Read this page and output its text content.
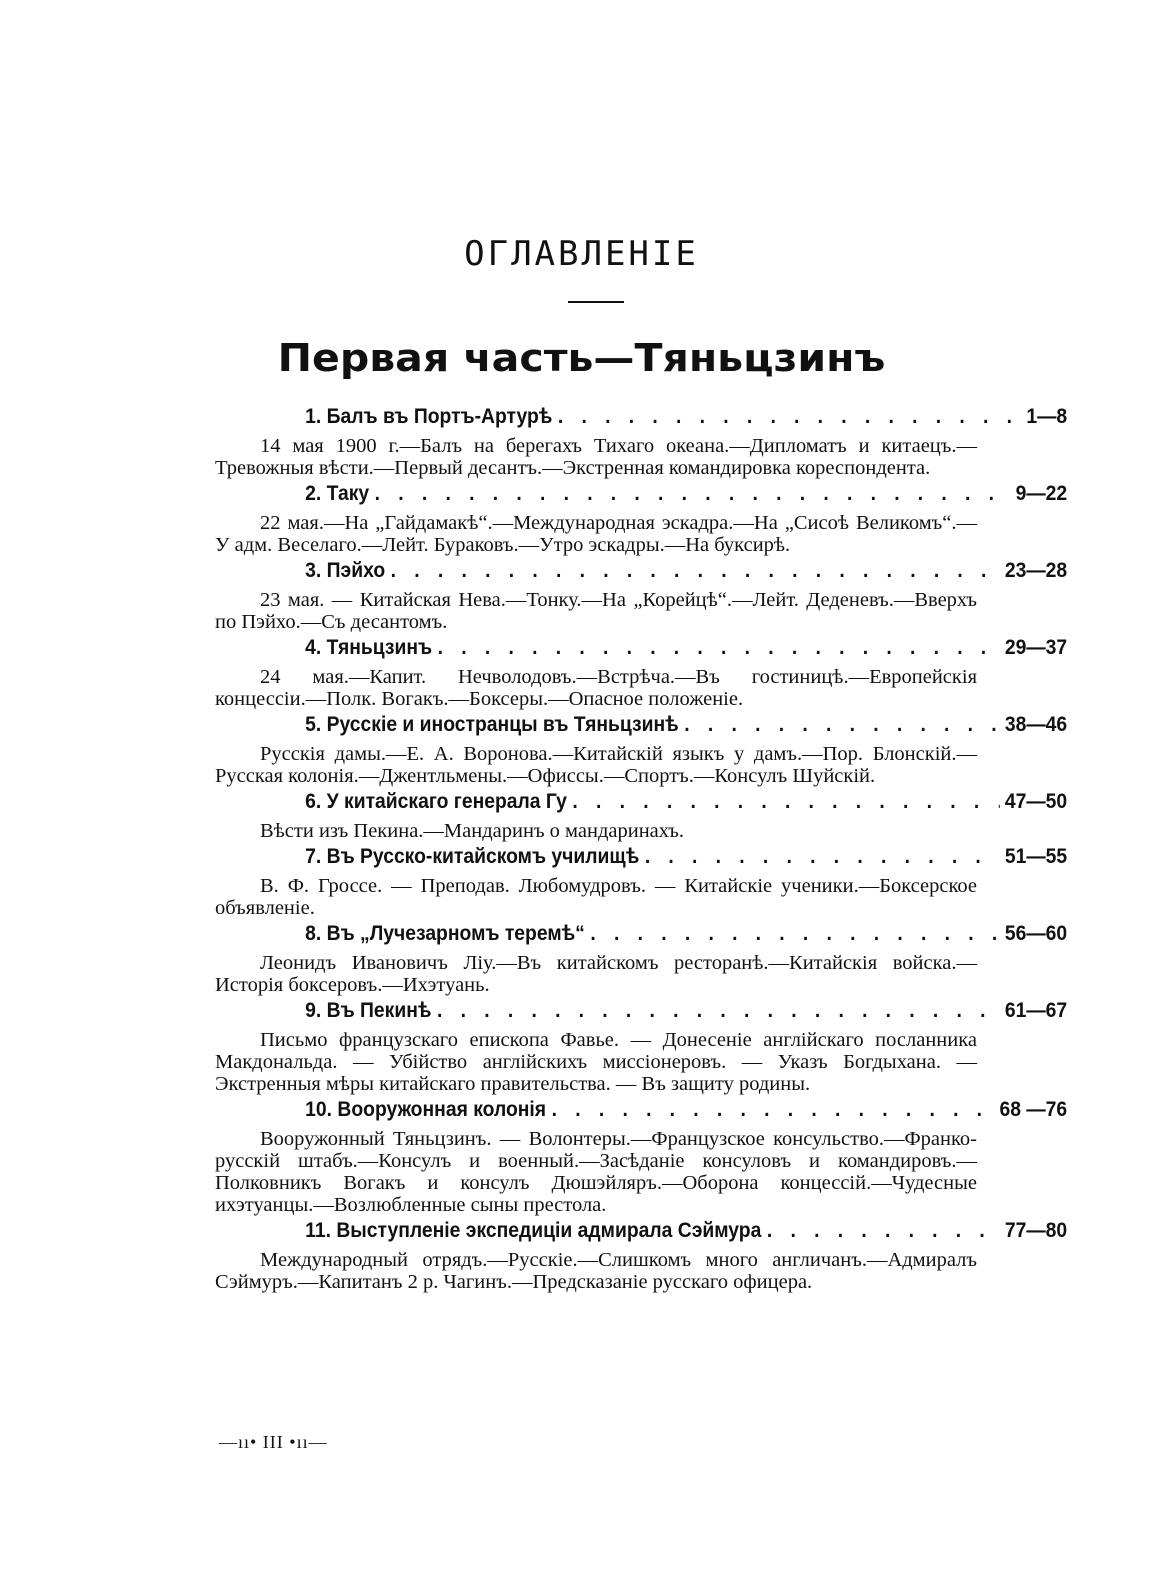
ОГЛАВЛЕНІЕ
Первая часть—Тяньцзинъ
1. Балъ въ Портъ-Артурѣ . . .	1—8

14 мая 1900 г.—Балъ на берегахъ Тихаго океана.—Дипломатъ и китаецъ.—Тревожныя вѣсти.—Первый десантъ.—Экстренная командировка кореспондента.

2. Таку . . .	9—22

22 мая.—На „Гайдамакѣ“.—Международная эскадра.—На „Сисоѣ Великомъ“.—У адм. Веселаго.—Лейт. Бураковъ.—Утро эскадры.—На буксирѣ.

3. Пэйхо . . .	23—28

23 мая. — Китайская Нева.—Тонку.—На „Корейцѣ“.—Лейт. Деденевъ.—Вверхъ по Пэйхо.—Съ десантомъ.

4. Тяньцзинъ . . .	29—37

24 мая.—Капит. Нечволодовъ.—Встрѣча.—Въ гостиницѣ.—Европейскія концессіи.—Полк. Вогакъ.—Боксеры.—Опасное положеніе.

5. Русскіе и иностранцы въ Тяньцзинѣ . . .	38—46

Русскія дамы.—Е. А. Воронова.—Китайскій языкъ у дамъ.—Пор. Блонскій.—Русская колонія.—Джентльмены.—Офиссы.—Спортъ.—Консулъ Шуйскій.

6. У китайскаго генерала Гу . . .	47—50

Вѣсти изъ Пекина.—Мандаринъ о мандаринахъ.

7. Въ Русско-китайскомъ училищѣ . . .	51—55

В. Ф. Гроссе. — Преподав. Любомудровъ. — Китайскіе ученики.—Боксерское объявленіе.

8. Въ „Лучезарномъ теремѣ“ . . .	56—60

Леонидъ Ивановичъ Ліу.—Въ китайскомъ ресторанѣ.—Китайскія войска.—Исторія боксеровъ.—Ихэтуань.

9. Въ Пекинѣ . . .	61—67

Письмо французскаго епископа Фавье. — Донесеніе англійскаго посланника Макдональда. — Убійство англійскихъ миссіонеровъ. — Указъ Богдыхана. — Экстренныя мѣры китайскаго правительства. — Въ защиту родины.

10. Вооружонная колонія . . .	68 —76

Вооружонный Тяньцзинъ. — Волонтеры.—Французское консульство.—Франко-русскій штабъ.—Консулъ и военный.—Засѣданіе консуловъ и командировъ.—Полковникъ Вогакъ и консулъ Дюшэйляръ.—Оборона концессій.—Чудесные ихэтуанцы.—Возлюбленные сыны престола.

11. Выступленіе экспедиціи адмирала Сэймура . . .	77—80

Международный отрядъ.—Русскіе.—Слишкомъ много англичанъ.—Адмиралъ Сэймуръ.—Капитанъ 2 р. Чагинъ.—Предсказаніе русскаго офицера.

—ıı• III •ıı—
